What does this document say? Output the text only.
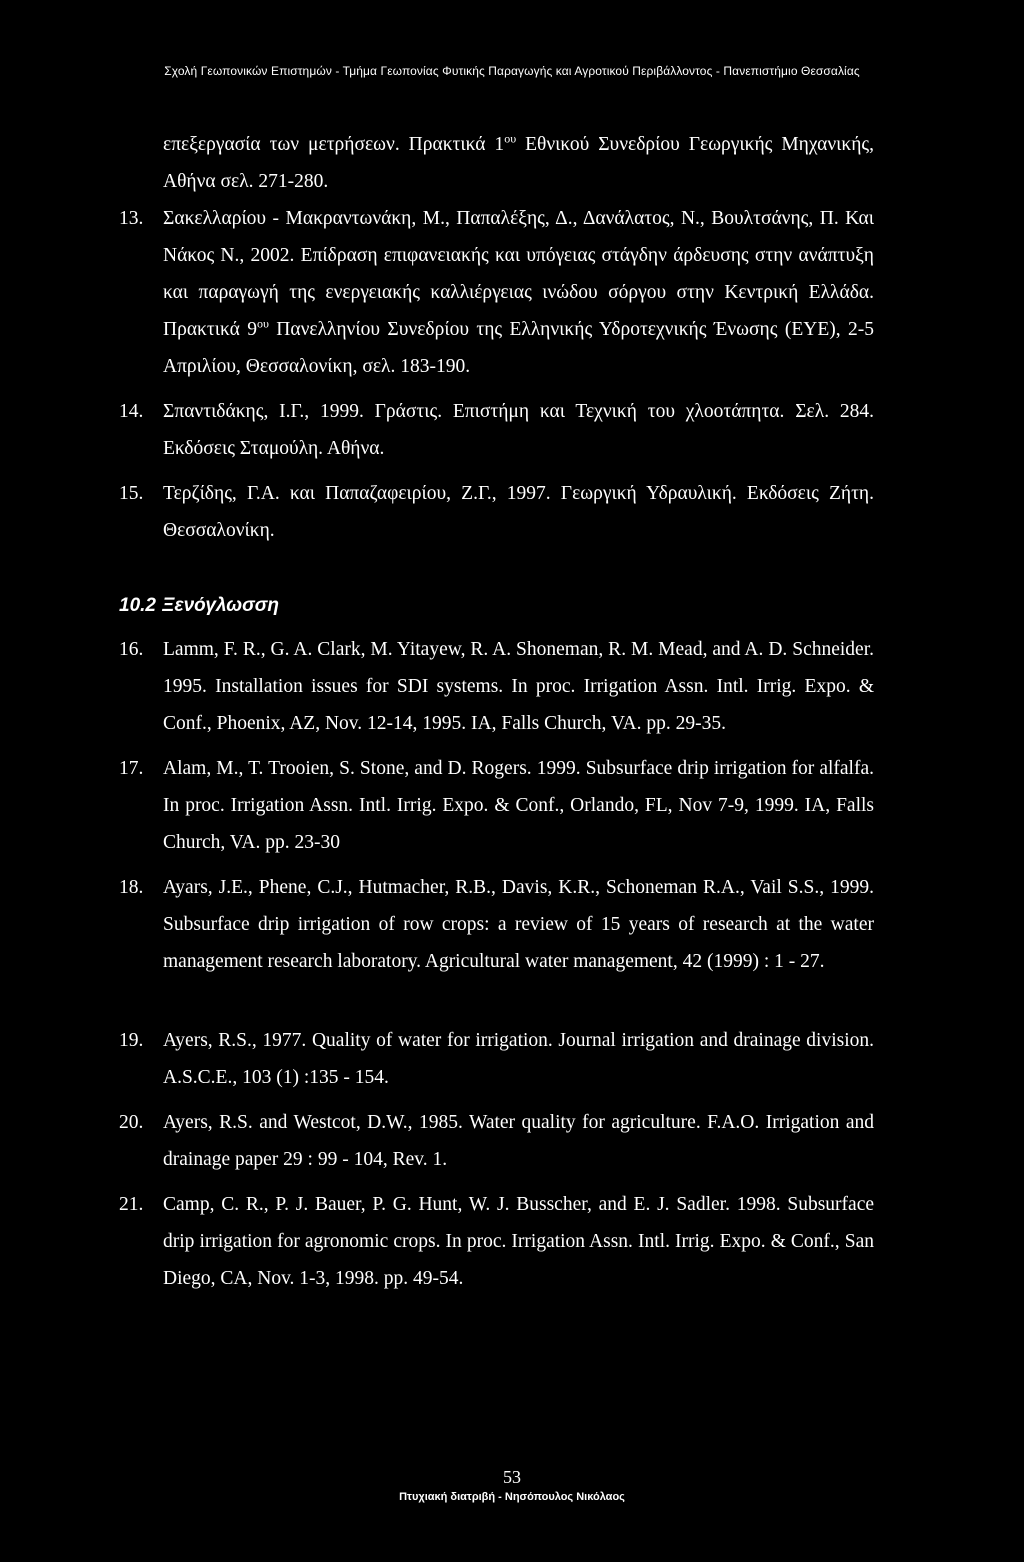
Σχολή Γεωπονικών Επιστημών - Τμήμα Γεωπονίας Φυτικής Παραγωγής και Αγροτικού Περιβάλλοντος - Πανεπιστήμιο Θεσσαλίας
επεξεργασία των μετρήσεων. Πρακτικά $1^{o\upsilon}$ Εθνικού Συνεδρίου Γεωργικής Μηχανικής, Αθήνα σελ. 271-280.
13. Σακελλαρίου - Μακραντωνάκη, Μ., Παπαλέξης, Δ., Δανάλατος, Ν., Βουλτσάνης, Π. Και Νάκος Ν., 2002. Επίδραση επιφανειακής και υπόγειας στάγδην άρδευσης στην ανάπτυξη και παραγωγή της ενεργειακής καλλιέργειας ινώδου σόργου στην Κεντρική Ελλάδα. Πρακτικά $9^{o\upsilon}$ Πανελληνίου Συνεδρίου της Ελληνικής Υδροτεχνικής Ένωσης (ΕΥΕ), 2-5 Απριλίου, Θεσσαλονίκη, σελ. 183-190.
14. Σπαντιδάκης, Ι.Γ., 1999. Γράστις. Επιστήμη και Τεχνική του χλοοτάπητα. Σελ. 284. Εκδόσεις Σταμούλη. Αθήνα.
15. Τερζίδης, Γ.Α. και Παπαζαφειρίου, Ζ.Γ., 1997. Γεωργική Υδραυλική. Εκδόσεις Ζήτη. Θεσσαλονίκη.
10.2 Ξενόγλωσση
16. Lamm, F. R., G. A. Clark, M. Yitayew, R. A. Shoneman, R. M. Mead, and A. D. Schneider. 1995. Installation issues for SDI systems. In proc. Irrigation Assn. Intl. Irrig. Expo. & Conf., Phoenix, AZ, Nov. 12-14, 1995. IA, Falls Church, VA. pp. 29-35.
17. Alam, M., T. Trooien, S. Stone, and D. Rogers. 1999. Subsurface drip irrigation for alfalfa. In proc. Irrigation Assn. Intl. Irrig. Expo. & Conf., Orlando, FL, Nov 7-9, 1999. IA, Falls Church, VA. pp. 23-30
18. Ayars, J.E., Phene, C.J., Hutmacher, R.B., Davis, K.R., Schoneman R.A., Vail S.S., 1999. Subsurface drip irrigation of row crops: a review of 15 years of research at the water management research laboratory. Agricultural water management, 42 (1999) : 1 - 27.
19. Ayers, R.S., 1977. Quality of water for irrigation. Journal irrigation and drainage division. A.S.C.E., 103 (1) :135 - 154.
20. Ayers, R.S. and Westcot, D.W., 1985. Water quality for agriculture. F.A.O. Irrigation and drainage paper 29 : 99 - 104, Rev. 1.
21. Camp, C. R., P. J. Bauer, P. G. Hunt, W. J. Busscher, and E. J. Sadler. 1998. Subsurface drip irrigation for agronomic crops. In proc. Irrigation Assn. Intl. Irrig. Expo. & Conf., San Diego, CA, Nov. 1-3, 1998. pp. 49-54.
53
Πτυχιακή διατριβή - Νησόπουλος Νικόλαος
